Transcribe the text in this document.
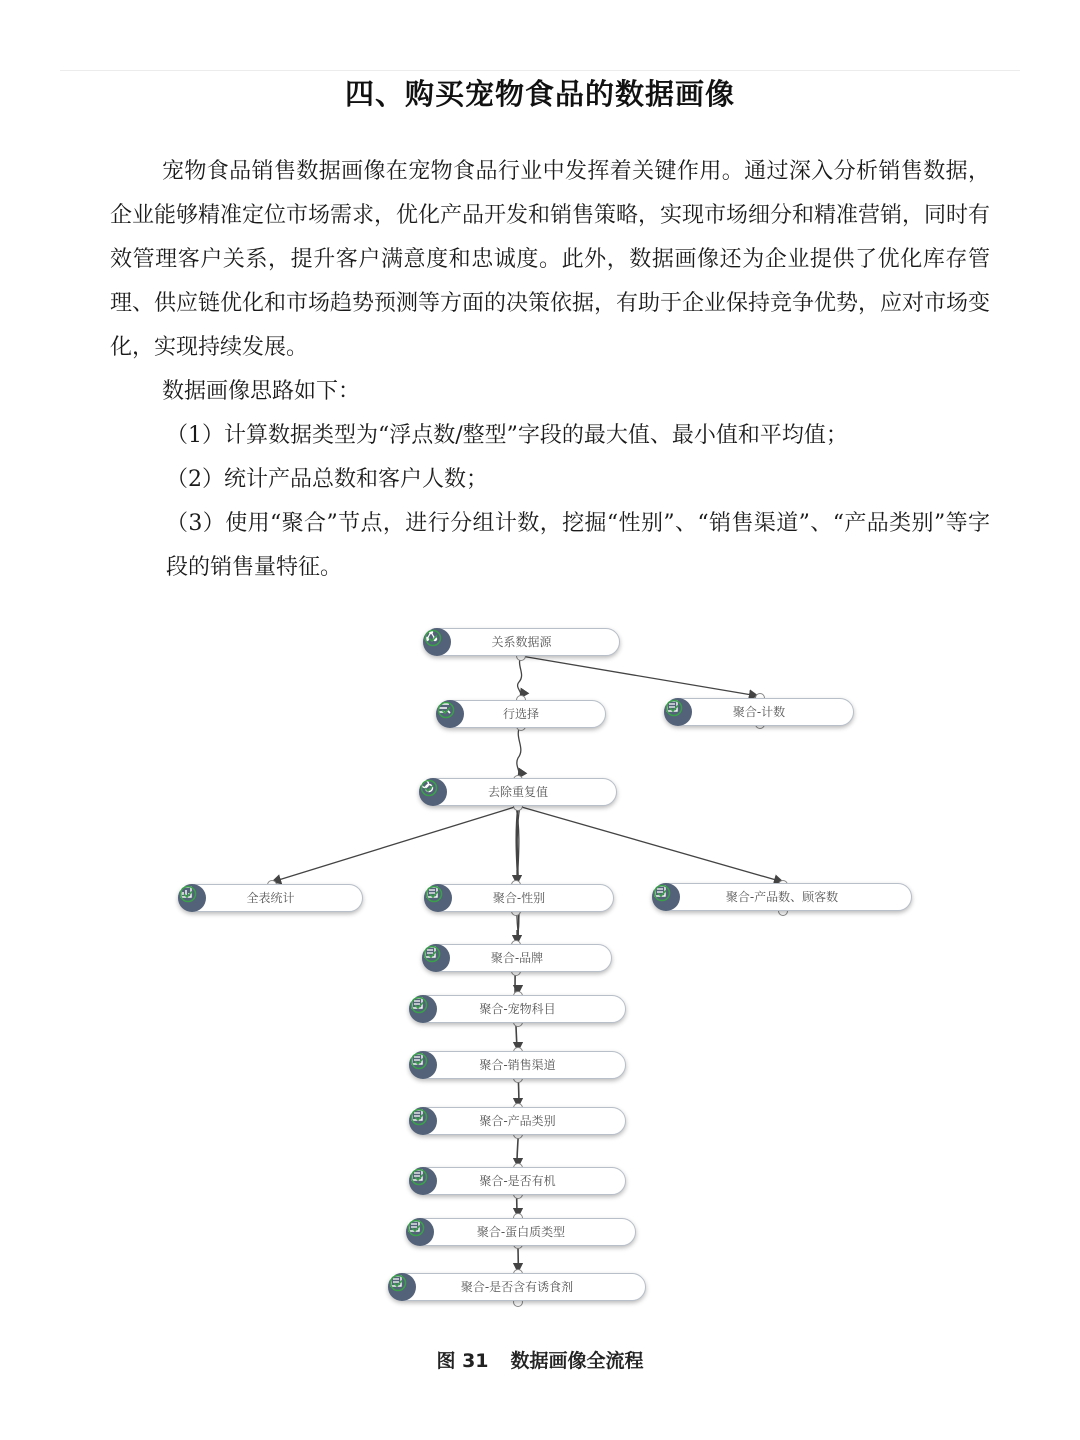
四、购买宠物食品的数据画像

宠物食品销售数据画像在宠物食品行业中发挥着关键作用。通过深入分析销售数据，企业能够精准定位市场需求，优化产品开发和销售策略，实现市场细分和精准营销，同时有效管理客户关系，提升客户满意度和忠诚度。此外，数据画像还为企业提供了优化库存管理、供应链优化和市场趋势预测等方面的决策依据，有助于企业保持竞争优势，应对市场变化，实现持续发展。

数据画像思路如下：

（1）计算数据类型为“浮点数/整型”字段的最大值、最小值和平均值；

（2）统计产品总数和客户人数；

（3）使用“聚合”节点，进行分组计数，挖掘“性别”、“销售渠道”、“产品类别”等字段的销售量特征。

关系数据源
行选择	聚合-计数
去除重复值
全表统计	聚合-性别	聚合-产品数、顾客数
聚合-品牌
聚合-宠物科目
聚合-销售渠道
聚合-产品类别
聚合-是否有机
聚合-蛋白质类型
聚合-是否含有诱食剂
图 31 数据画像全流程
